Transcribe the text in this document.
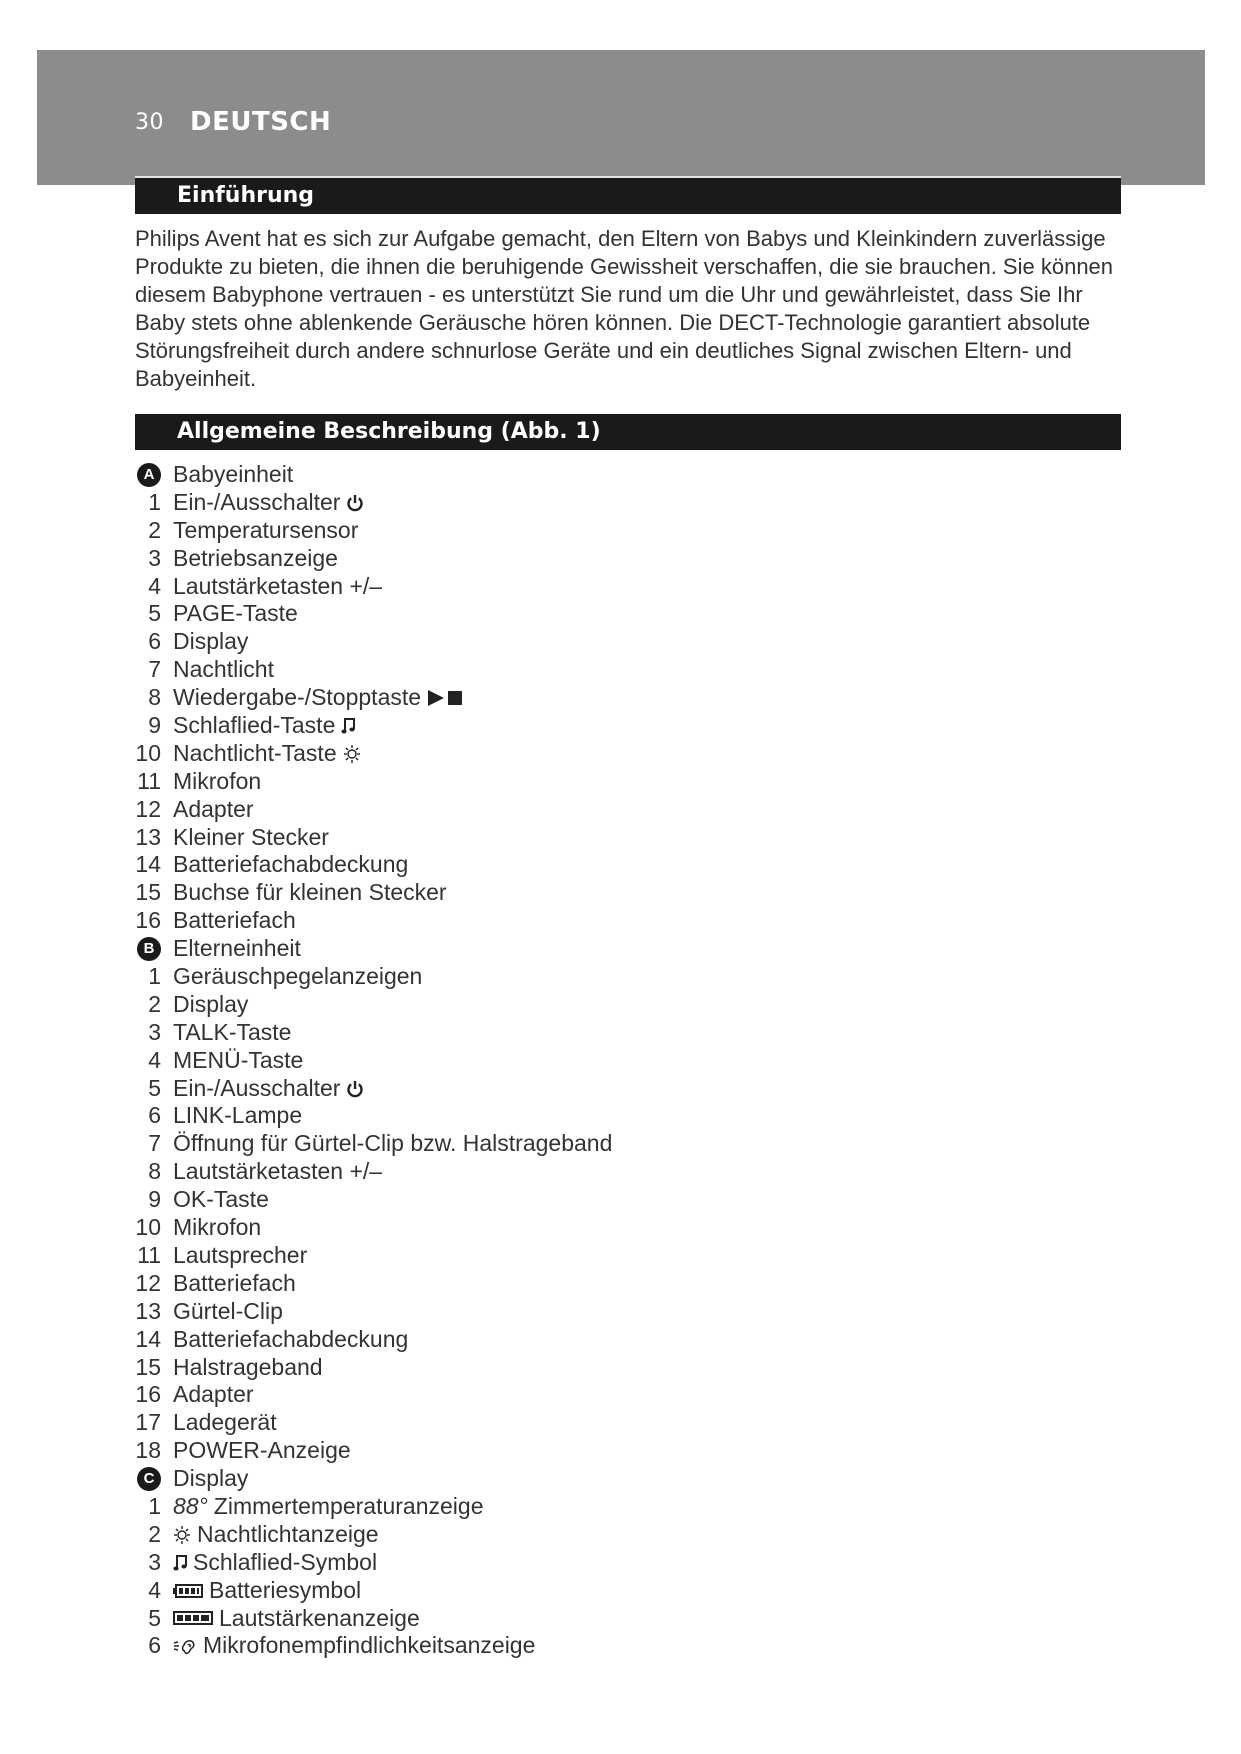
30 DEUTSCH
Einführung

Philips Avent hat es sich zur Aufgabe gemacht, den Eltern von Babys und Kleinkindern zuverlässige Produkte zu bieten, die ihnen die beruhigende Gewissheit verschaffen, die sie brauchen. Sie können diesem Babyphone vertrauen - es unterstützt Sie rund um die Uhr und gewährleistet, dass Sie Ihr Baby stets ohne ablenkende Geräusche hören können. Die DECT-Technologie garantiert absolute Störungsfreiheit durch andere schnurlose Geräte und ein deutliches Signal zwischen Eltern- und Babyeinheit.

Allgemeine Beschreibung (Abb. 1)
A Babyeinheit
1 Ein-/Ausschalter
2 Temperatursensor
3 Betriebsanzeige
4 Lautstärketasten +/–
5 PAGE-Taste
6 Display
7 Nachtlicht
8 Wiedergabe-/Stopptaste
9 Schlaflied-Taste
10 Nachtlicht-Taste
11 Mikrofon
12 Adapter
13 Kleiner Stecker
14 Batteriefachabdeckung
15 Buchse für kleinen Stecker
16 Batteriefach
B Elterneinheit
1 Geräuschpegelanzeigen
2 Display
3 TALK-Taste
4 MENÜ-Taste
5 Ein-/Ausschalter
6 LINK-Lampe
7 Öffnung für Gürtel-Clip bzw. Halstrageband
8 Lautstärketasten +/–
9 OK-Taste
10 Mikrofon
11 Lautsprecher
12 Batteriefach
13 Gürtel-Clip
14 Batteriefachabdeckung
15 Halstrageband
16 Adapter
17 Ladegerät
18 POWER-Anzeige
C Display
1 88° Zimmertemperaturanzeige
2 Nachtlichtanzeige
3 Schlaflied-Symbol
4 Batteriesymbol
5	Lautstärkenanzeige
6 Mikrofonempfindlichkeitsanzeige
